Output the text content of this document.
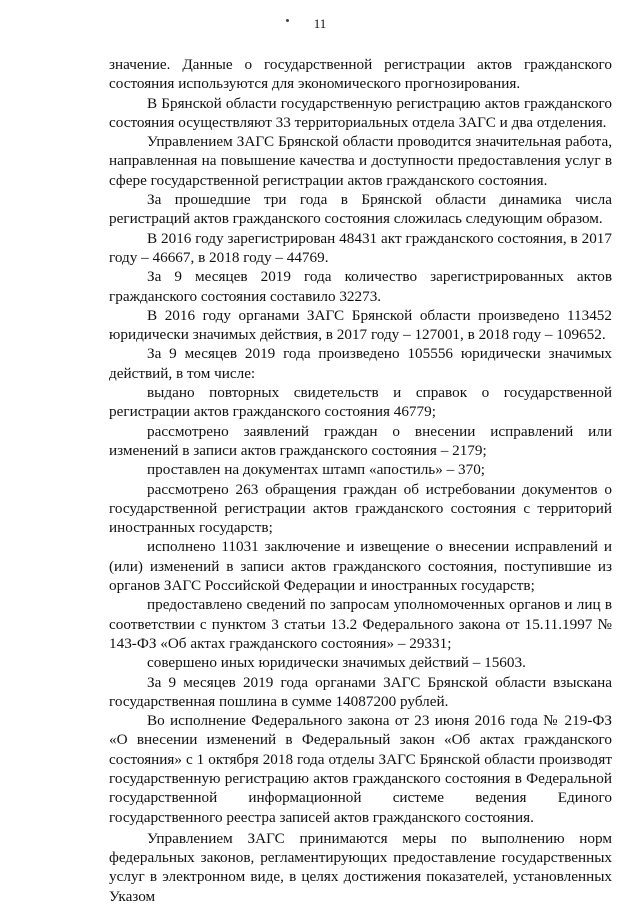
11

значение. Данные о государственной регистрации актов гражданского состояния используются для экономического прогнозирования.

В Брянской области государственную регистрацию актов гражданского состояния осуществляют 33 территориальных отдела ЗАГС и два отделения.

Управлением ЗАГС Брянской области проводится значительная работа, направленная на повышение качества и доступности предоставления услуг в сфере государственной регистрации актов гражданского состояния.

За прошедшие три года в Брянской области динамика числа регистраций актов гражданского состояния сложилась следующим образом.

В 2016 году зарегистрирован 48431 акт гражданского состояния, в 2017 году – 46667, в 2018 году – 44769.

За 9 месяцев 2019 года количество зарегистрированных актов гражданского состояния составило 32273.

В 2016 году органами ЗАГС Брянской области произведено 113452 юридически значимых действия, в 2017 году – 127001, в 2018 году – 109652.

За 9 месяцев 2019 года произведено 105556 юридически значимых действий, в том числе:

выдано повторных свидетельств и справок о государственной регистрации актов гражданского состояния 46779;

рассмотрено заявлений граждан о внесении исправлений или изменений в записи актов гражданского состояния – 2179;

проставлен на документах штамп «апостиль» – 370;

рассмотрено 263 обращения граждан об истребовании документов о государственной регистрации актов гражданского состояния с территорий иностранных государств;

исполнено 11031 заключение и извещение о внесении исправлений и (или) изменений в записи актов гражданского состояния, поступившие из органов ЗАГС Российской Федерации и иностранных государств;

предоставлено сведений по запросам уполномоченных органов и лиц в соответствии с пунктом 3 статьи 13.2 Федерального закона от 15.11.1997 № 143-ФЗ «Об актах гражданского состояния» – 29331;

совершено иных юридически значимых действий – 15603.

За 9 месяцев 2019 года органами ЗАГС Брянской области взыскана государственная пошлина в сумме 14087200 рублей.

Во исполнение Федерального закона от 23 июня 2016 года № 219-ФЗ «О внесении изменений в Федеральный закон «Об актах гражданского состояния» с 1 октября 2018 года отделы ЗАГС Брянской области производят государственную регистрацию актов гражданского состояния в Федеральной государственной информационной системе ведения Единого государственного реестра записей актов гражданского состояния.

Управлением ЗАГС принимаются меры по выполнению норм федеральных законов, регламентирующих предоставление государственных услуг в электронном виде, в целях достижения показателей, установленных Указом
